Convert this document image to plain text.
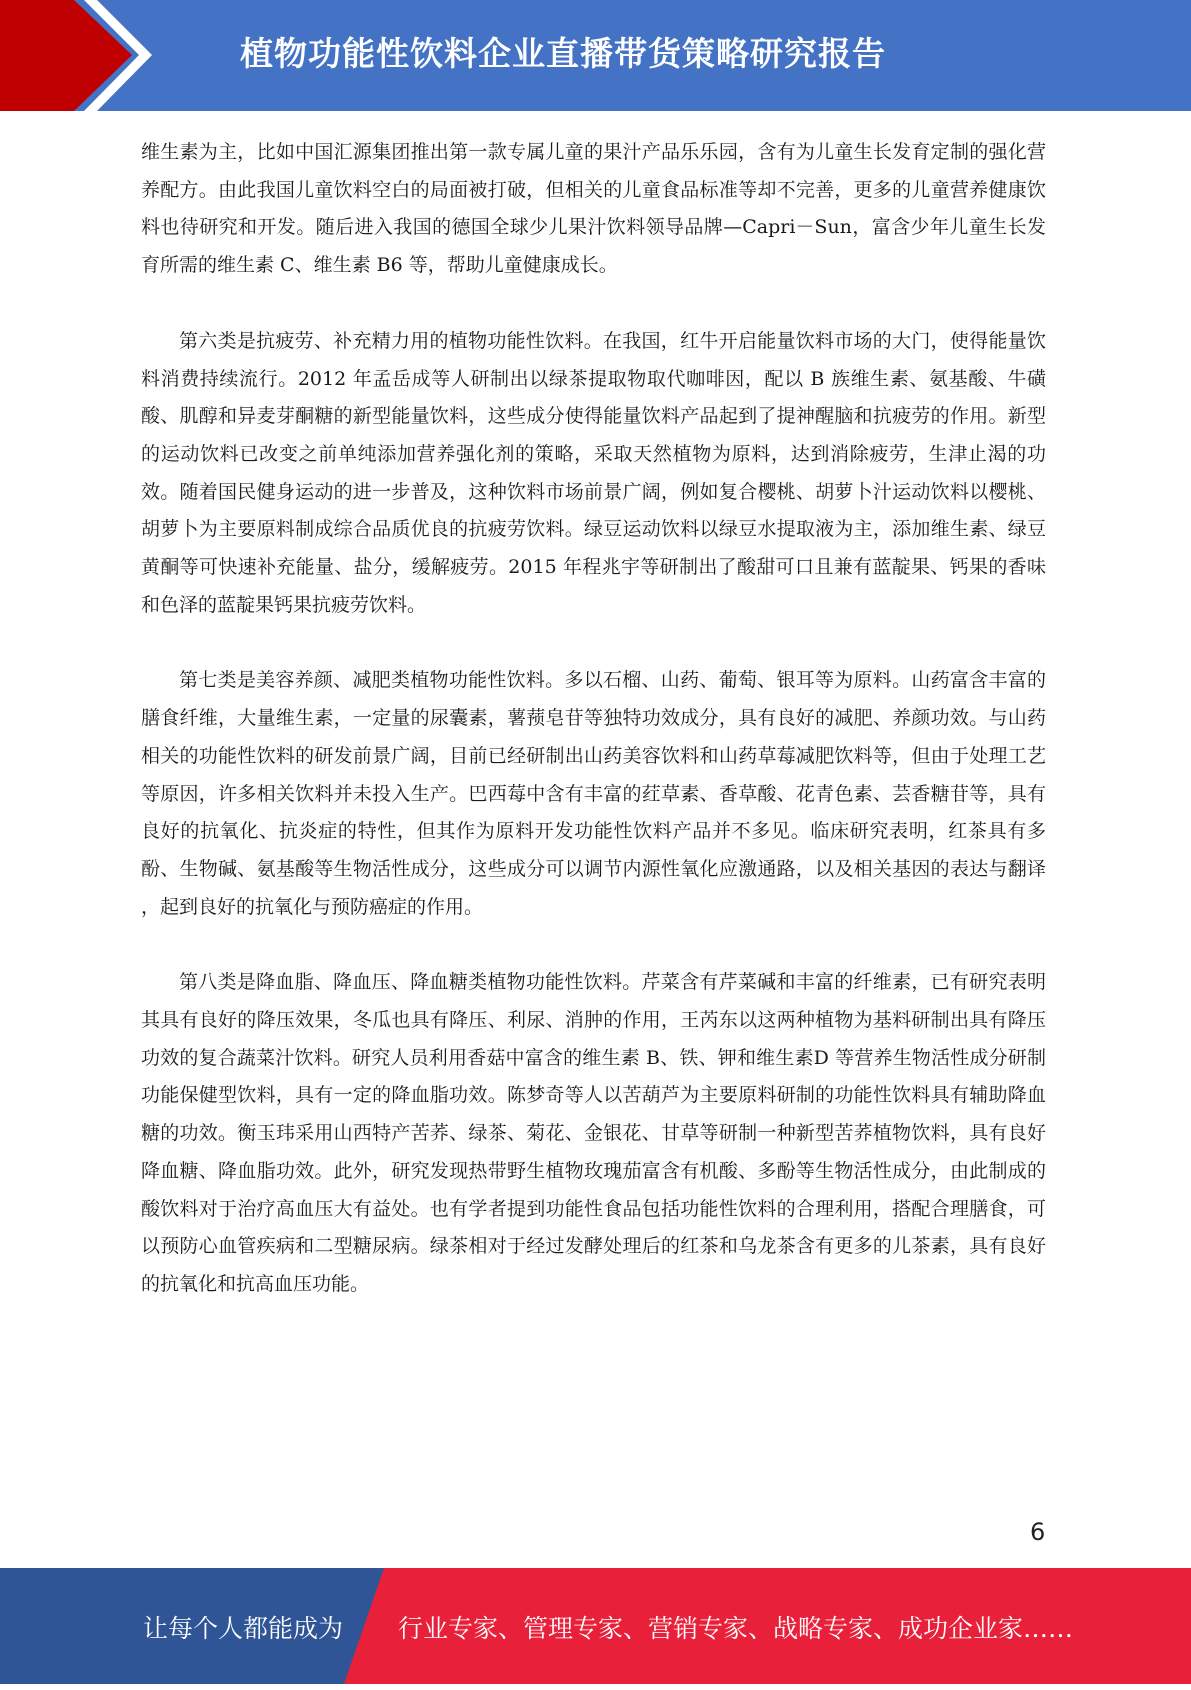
植物功能性饮料企业直播带货策略研究报告

维生素为主，比如中国汇源集团推出第一款专属儿童的果汁产品乐乐园，含有为儿童生长发育定制的强化营养配方。由此我国儿童饮料空白的局面被打破，但相关的儿童食品标准等却不完善，更多的儿童营养健康饮料也待研究和开发。随后进入我国的德国全球少儿果汁饮料领导品牌—Capri－Sun，富含少年儿童生长发育所需的维生素 C、维生素 B6 等，帮助儿童健康成长。

第六类是抗疲劳、补充精力用的植物功能性饮料。在我国，红牛开启能量饮料市场的大门，使得能量饮料消费持续流行。2012 年孟岳成等人研制出以绿茶提取物取代咖啡因，配以 B 族维生素、氨基酸、牛磺酸、肌醇和异麦芽酮糖的新型能量饮料，这些成分使得能量饮料产品起到了提神醒脑和抗疲劳的作用。新型的运动饮料已改变之前单纯添加营养强化剂的策略，采取天然植物为原料，达到消除疲劳，生津止渴的功效。随着国民健身运动的进一步普及，这种饮料市场前景广阔，例如复合樱桃、胡萝卜汁运动饮料以樱桃、胡萝卜为主要原料制成综合品质优良的抗疲劳饮料。绿豆运动饮料以绿豆水提取液为主，添加维生素、绿豆黄酮等可快速补充能量、盐分，缓解疲劳。2015 年程兆宇等研制出了酸甜可口且兼有蓝靛果、钙果的香味和色泽的蓝靛果钙果抗疲劳饮料。

第七类是美容养颜、减肥类植物功能性饮料。多以石榴、山药、葡萄、银耳等为原料。山药富含丰富的膳食纤维，大量维生素，一定量的尿囊素，薯蓣皂苷等独特功效成分，具有良好的减肥、养颜功效。与山药相关的功能性饮料的研发前景广阔，目前已经研制出山药美容饮料和山药草莓减肥饮料等，但由于处理工艺等原因，许多相关饮料并未投入生产。巴西莓中含有丰富的荭草素、香草酸、花青色素、芸香糖苷等，具有良好的抗氧化、抗炎症的特性，但其作为原料开发功能性饮料产品并不多见。临床研究表明，红茶具有多酚、生物碱、氨基酸等生物活性成分，这些成分可以调节内源性氧化应激通路，以及相关基因的表达与翻译 ，起到良好的抗氧化与预防癌症的作用。

第八类是降血脂、降血压、降血糖类植物功能性饮料。芹菜含有芹菜碱和丰富的纤维素，已有研究表明其具有良好的降压效果，冬瓜也具有降压、利尿、消肿的作用，王芮东以这两种植物为基料研制出具有降压功效的复合蔬菜汁饮料。研究人员利用香菇中富含的维生素 B、铁、钾和维生素D 等营养生物活性成分研制功能保健型饮料，具有一定的降血脂功效。陈梦奇等人以苦葫芦为主要原料研制的功能性饮料具有辅助降血糖的功效。衡玉玮采用山西特产苦荞、绿茶、菊花、金银花、甘草等研制一种新型苦荞植物饮料，具有良好降血糖、降血脂功效。此外，研究发现热带野生植物玫瑰茄富含有机酸、多酚等生物活性成分，由此制成的酸饮料对于治疗高血压大有益处。也有学者提到功能性食品包括功能性饮料的合理利用，搭配合理膳食，可以预防心血管疾病和二型糖尿病。绿茶相对于经过发酵处理后的红茶和乌龙茶含有更多的儿茶素，具有良好的抗氧化和抗高血压功能。

6
让每个人都能成为 行业专家、管理专家、营销专家、战略专家、成功企业家……
